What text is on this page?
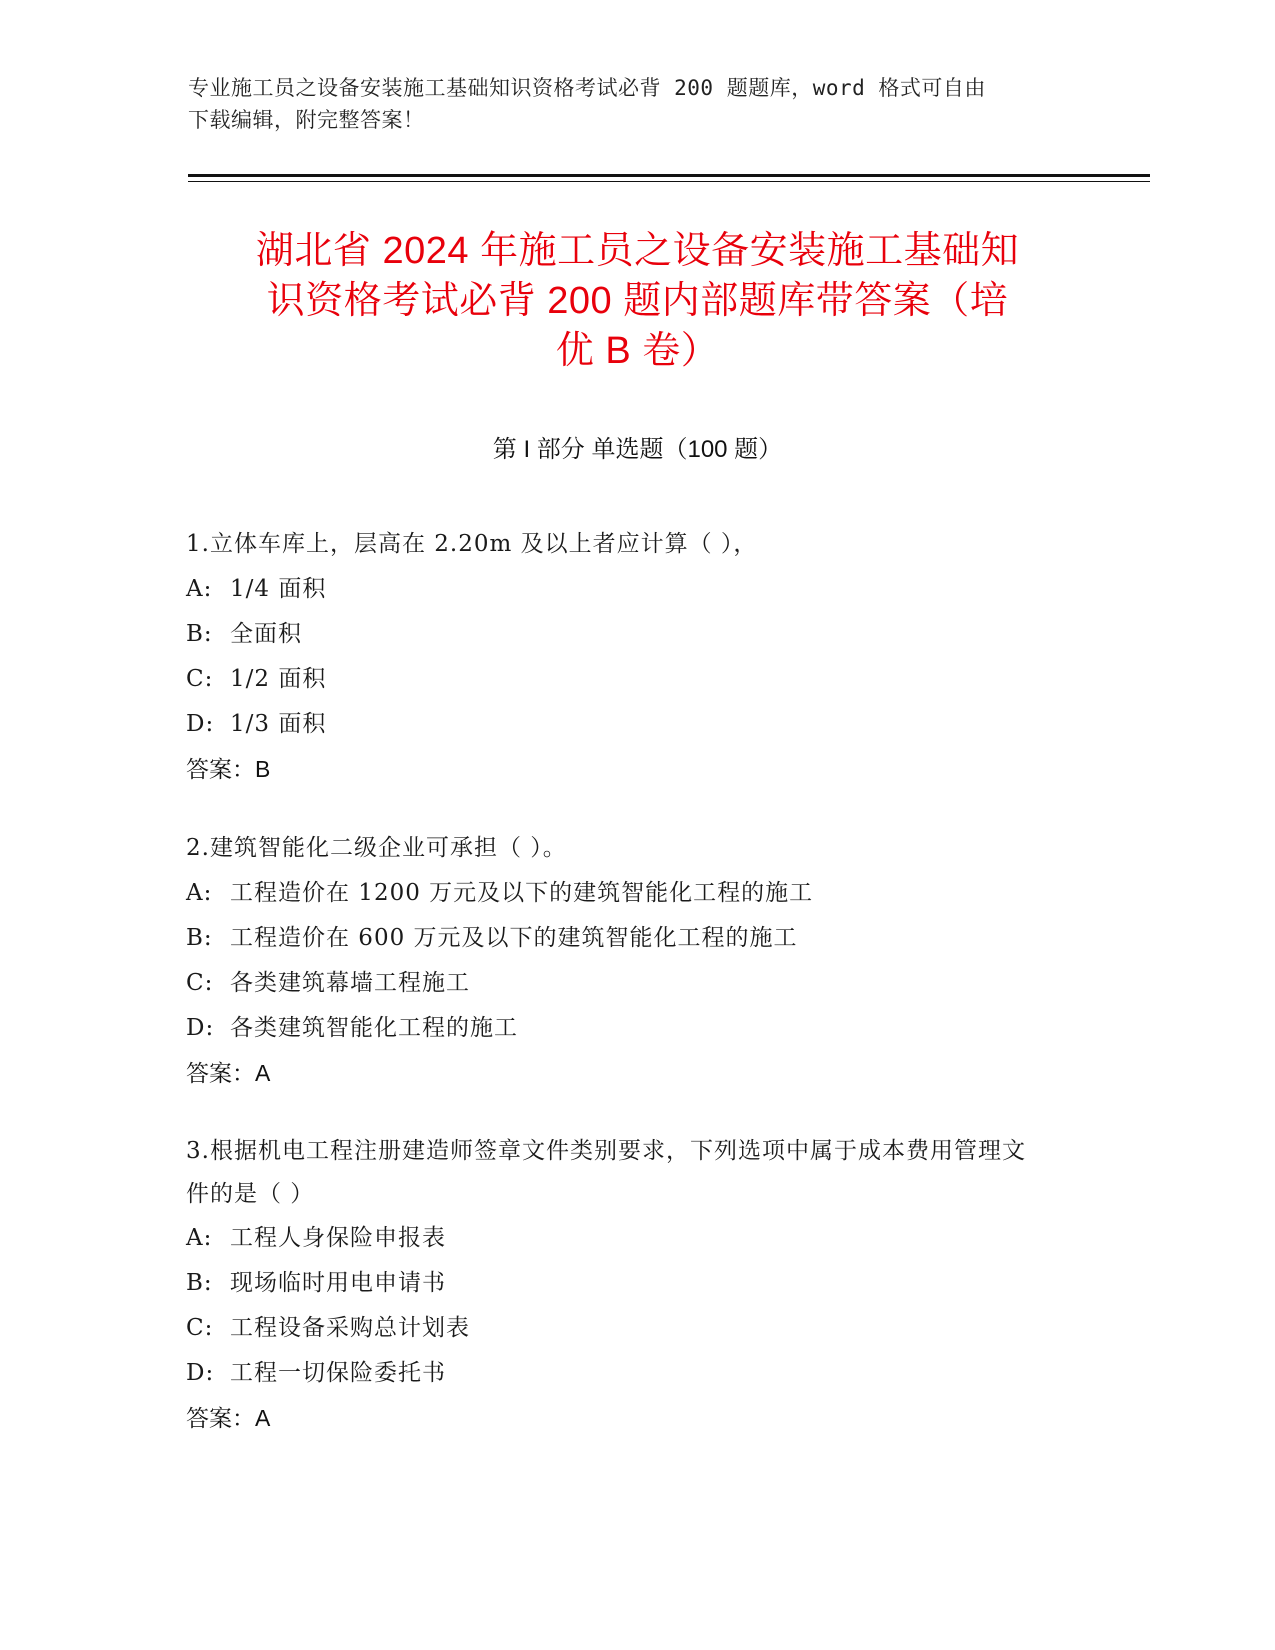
专业施工员之设备安装施工基础知识资格考试必背 200 题题库，word 格式可自由
下载编辑，附完整答案！
湖北省 2024 年施工员之设备安装施工基础知
识资格考试必背 200 题内部题库带答案（培
优 B 卷）
第 I 部分 单选题（100 题）
1.立体车库上，层高在 2.20m 及以上者应计算（ ），
A: 1/4 面积
B: 全面积
C: 1/2 面积
D: 1/3 面积
答案：B
2.建筑智能化二级企业可承担（ ）。
A: 工程造价在 1200 万元及以下的建筑智能化工程的施工
B: 工程造价在 600 万元及以下的建筑智能化工程的施工
C: 各类建筑幕墙工程施工
D: 各类建筑智能化工程的施工
答案：A
3.根据机电工程注册建造师签章文件类别要求，下列选项中属于成本费用管理文件的是（ ）
A: 工程人身保险申报表
B: 现场临时用电申请书
C: 工程设备采购总计划表
D: 工程一切保险委托书
答案：A
